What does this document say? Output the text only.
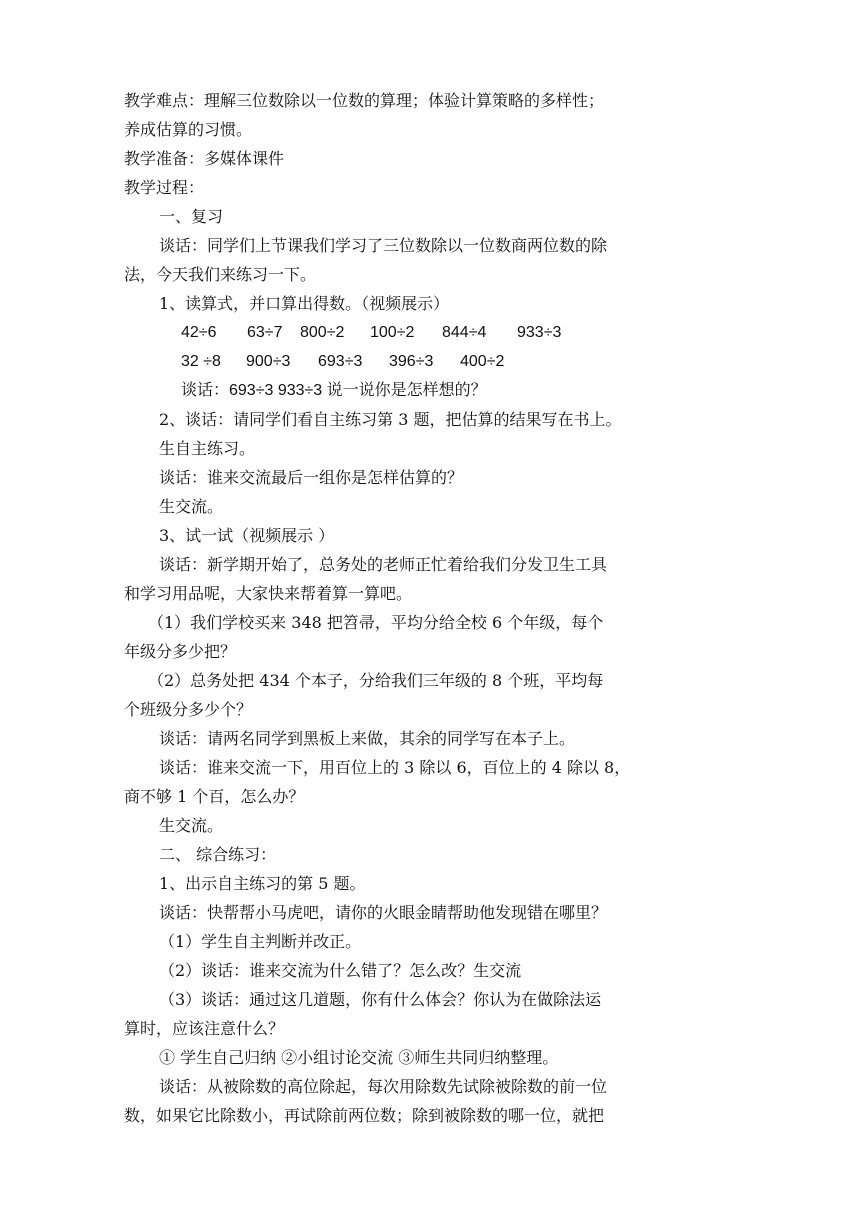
教学难点：理解三位数除以一位数的算理；体验计算策略的多样性；
养成估算的习惯。
教学准备：多媒体课件
教学过程：
一、复习
谈话：同学们上节课我们学习了三位数除以一位数商两位数的除
法，今天我们来练习一下。
1、读算式，并口算出得数。（视频展示）
42÷6 63÷7 800÷2 100÷2 844÷4 933÷3
32 ÷8 900÷3 693÷3 396÷3 400÷2
谈话：693÷3 933÷3 说一说你是怎样想的？
2、谈话：请同学们看自主练习第 3 题，把估算的结果写在书上。
生自主练习。
谈话：谁来交流最后一组你是怎样估算的？
生交流。
3、试一试（视频展示 ）
谈话：新学期开始了，总务处的老师正忙着给我们分发卫生工具
和学习用品呢，大家快来帮着算一算吧。
（1）我们学校买来 348 把笤帚，平均分给全校 6 个年级，每个
年级分多少把？
（2）总务处把 434 个本子，分给我们三年级的 8 个班，平均每
个班级分多少个？
谈话：请两名同学到黑板上来做，其余的同学写在本子上。
谈话：谁来交流一下，用百位上的 3 除以 6，百位上的 4 除以 8，
商不够 1 个百，怎么办？
生交流。
二、 综合练习：
1、出示自主练习的第 5 题。
谈话：快帮帮小马虎吧，请你的火眼金睛帮助他发现错在哪里？
（1）学生自主判断并改正。
（2）谈话：谁来交流为什么错了？怎么改？生交流
（3）谈话：通过这几道题，你有什么体会？你认为在做除法运
算时，应该注意什么？
① 学生自己归纳 ②小组讨论交流 ③师生共同归纳整理。
谈话：从被除数的高位除起，每次用除数先试除被除数的前一位
数，如果它比除数小，再试除前两位数；除到被除数的哪一位，就把
